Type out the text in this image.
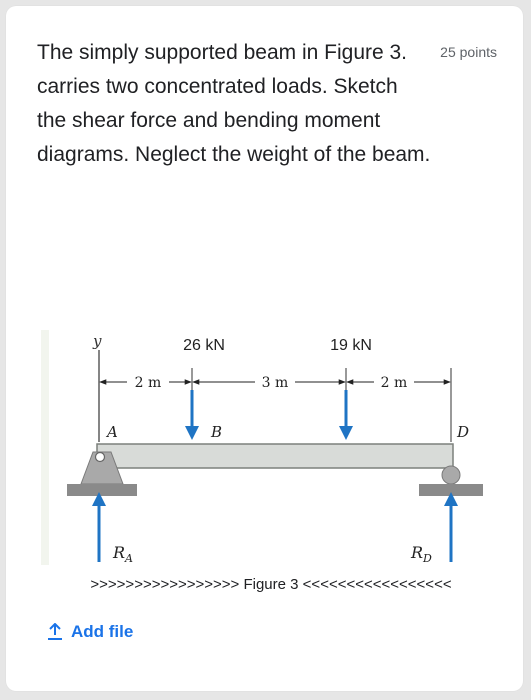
The simply supported beam in Figure 3. carries two concentrated loads. Sketch the shear force and bending moment diagrams. Neglect the weight of the beam.

25 points
y
2 m	3 m	2 m
26 kN	19 kN
A	B	D
$R_A$	$R_D$
>>>>>>>>>>>>>>>>> Figure 3 <<<<<<<<<<<<<<<<<
Add file
